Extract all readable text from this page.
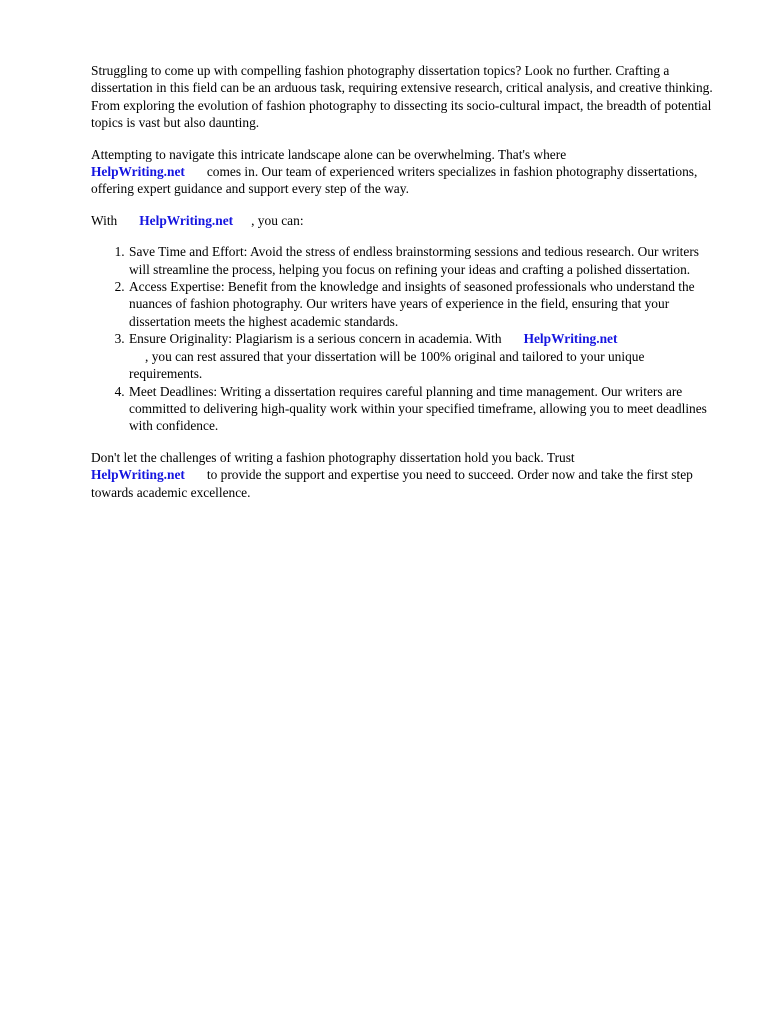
Struggling to come up with compelling fashion photography dissertation topics? Look no further. Crafting a dissertation in this field can be an arduous task, requiring extensive research, critical analysis, and creative thinking. From exploring the evolution of fashion photography to dissecting its socio-cultural impact, the breadth of potential topics is vast but also daunting.

Attempting to navigate this intricate landscape alone can be overwhelming. That's where
HelpWriting.net comes in. Our team of experienced writers specializes in fashion photography dissertations, offering expert guidance and support every step of the way.

With HelpWriting.net , you can:

1. Save Time and Effort: Avoid the stress of endless brainstorming sessions and tedious research. Our writers will streamline the process, helping you focus on refining your ideas and crafting a polished dissertation.
2. Access Expertise: Benefit from the knowledge and insights of seasoned professionals who understand the nuances of fashion photography. Our writers have years of experience in the field, ensuring that your dissertation meets the highest academic standards.
3. Ensure Originality: Plagiarism is a serious concern in academia. With HelpWriting.net
, you can rest assured that your dissertation will be 100% original and tailored to your unique requirements.
4. Meet Deadlines: Writing a dissertation requires careful planning and time management. Our writers are committed to delivering high-quality work within your specified timeframe, allowing you to meet deadlines with confidence.

Don't let the challenges of writing a fashion photography dissertation hold you back. Trust
HelpWriting.net to provide the support and expertise you need to succeed. Order now and take the first step towards academic excellence.
